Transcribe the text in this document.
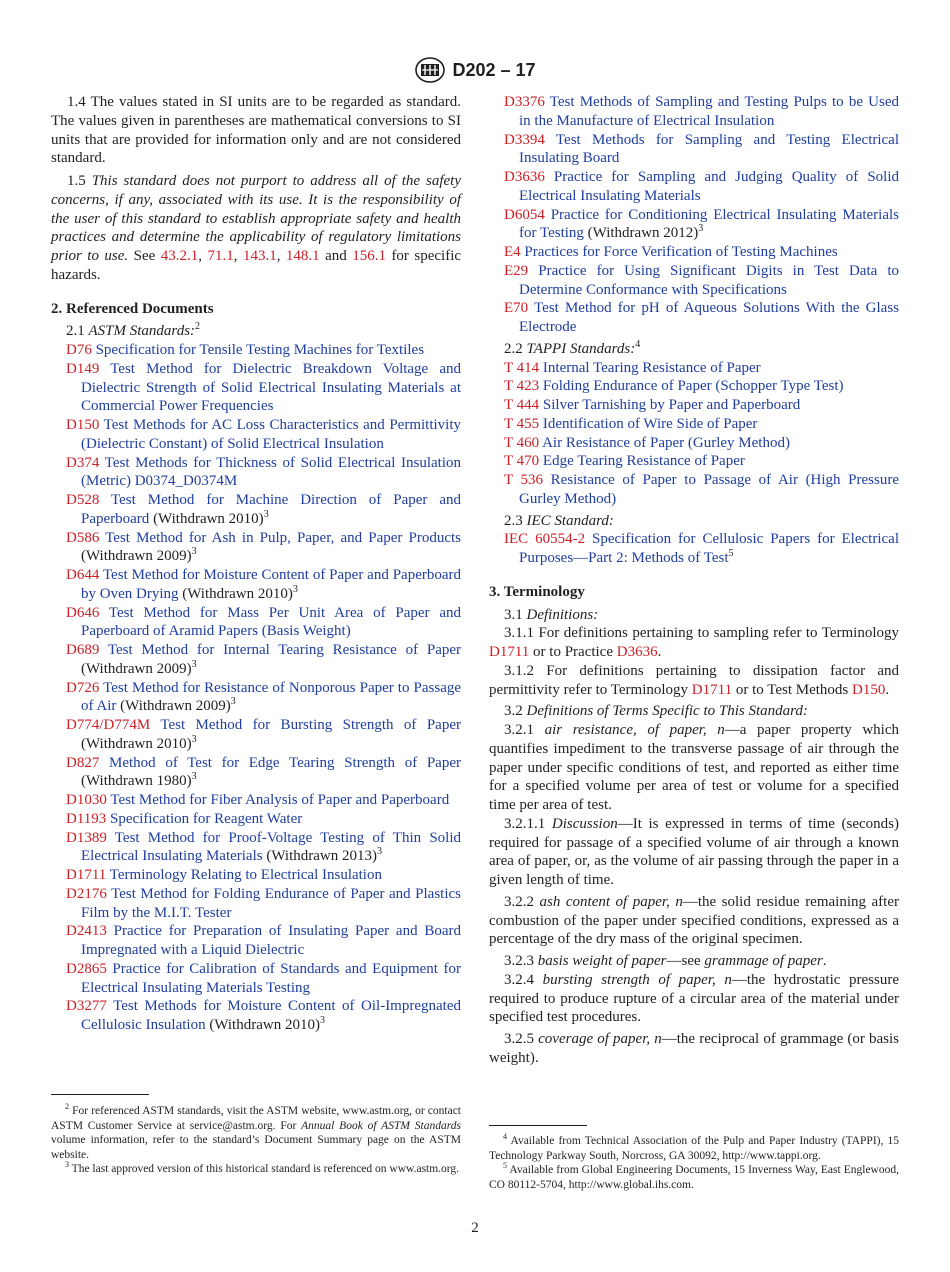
D202 – 17

1.4 The values stated in SI units are to be regarded as standard. The values given in parentheses are mathematical conversions to SI units that are provided for information only and are not considered standard.

1.5 This standard does not purport to address all of the safety concerns, if any, associated with its use. It is the responsibility of the user of this standard to establish appropriate safety and health practices and determine the applicability of regulatory limitations prior to use. See 43.2.1, 71.1, 143.1, 148.1 and 156.1 for specific hazards.

2. Referenced Documents
2.1 ASTM Standards:$^2$

D76 Specification for Tensile Testing Machines for Textiles

D149 Test Method for Dielectric Breakdown Voltage and Dielectric Strength of Solid Electrical Insulating Materials at Commercial Power Frequencies

D150 Test Methods for AC Loss Characteristics and Permittivity (Dielectric Constant) of Solid Electrical Insulation

D374 Test Methods for Thickness of Solid Electrical Insulation (Metric) D0374_D0374M

D528 Test Method for Machine Direction of Paper and Paperboard (Withdrawn 2010)$^3$

D586 Test Method for Ash in Pulp, Paper, and Paper Products (Withdrawn 2009)$^3$

D644 Test Method for Moisture Content of Paper and Paperboard by Oven Drying (Withdrawn 2010)$^3$

D646 Test Method for Mass Per Unit Area of Paper and Paperboard of Aramid Papers (Basis Weight)

D689 Test Method for Internal Tearing Resistance of Paper (Withdrawn 2009)$^3$

D726 Test Method for Resistance of Nonporous Paper to Passage of Air (Withdrawn 2009)$^3$

D774/D774M Test Method for Bursting Strength of Paper (Withdrawn 2010)$^3$

D827 Method of Test for Edge Tearing Strength of Paper (Withdrawn 1980)$^3$

D1030 Test Method for Fiber Analysis of Paper and Paperboard

D1193 Specification for Reagent Water

D1389 Test Method for Proof-Voltage Testing of Thin Solid Electrical Insulating Materials (Withdrawn 2013)$^3$

D1711 Terminology Relating to Electrical Insulation

D2176 Test Method for Folding Endurance of Paper and Plastics Film by the M.I.T. Tester

D2413 Practice for Preparation of Insulating Paper and Board Impregnated with a Liquid Dielectric

D2865 Practice for Calibration of Standards and Equipment for Electrical Insulating Materials Testing

D3277 Test Methods for Moisture Content of Oil-Impregnated Cellulosic Insulation (Withdrawn 2010)$^3$

$^2$ For referenced ASTM standards, visit the ASTM website, www.astm.org, or contact ASTM Customer Service at service@astm.org. For Annual Book of ASTM Standards volume information, refer to the standard’s Document Summary page on the ASTM website.

$^3$ The last approved version of this historical standard is referenced on www.astm.org.

D3376 Test Methods of Sampling and Testing Pulps to be Used in the Manufacture of Electrical Insulation

D3394 Test Methods for Sampling and Testing Electrical Insulating Board

D3636 Practice for Sampling and Judging Quality of Solid Electrical Insulating Materials

D6054 Practice for Conditioning Electrical Insulating Materials for Testing (Withdrawn 2012)$^3$

E4 Practices for Force Verification of Testing Machines

E29 Practice for Using Significant Digits in Test Data to Determine Conformance with Specifications

E70 Test Method for pH of Aqueous Solutions With the Glass Electrode

2.2 TAPPI Standards:$^4$

T 414 Internal Tearing Resistance of Paper

T 423 Folding Endurance of Paper (Schopper Type Test)

T 444 Silver Tarnishing by Paper and Paperboard

T 455 Identification of Wire Side of Paper

T 460 Air Resistance of Paper (Gurley Method)

T 470 Edge Tearing Resistance of Paper

T 536 Resistance of Paper to Passage of Air (High Pressure Gurley Method)

2.3 IEC Standard:

IEC 60554-2 Specification for Cellulosic Papers for Electrical Purposes—Part 2: Methods of Test$^5$

3. Terminology

3.1 Definitions:

3.1.1 For definitions pertaining to sampling refer to Terminology D1711 or to Practice D3636.

3.1.2 For definitions pertaining to dissipation factor and permittivity refer to Terminology D1711 or to Test Methods D150.

3.2 Definitions of Terms Specific to This Standard:

3.2.1 air resistance, of paper, n—a paper property which quantifies impediment to the transverse passage of air through the paper under specific conditions of test, and reported as either time for a specified volume per area of test or volume for a specified time per area of test.

3.2.1.1 Discussion—It is expressed in terms of time (seconds) required for passage of a specified volume of air through a known area of paper, or, as the volume of air passing through the paper in a given length of time.

3.2.2 ash content of paper, n—the solid residue remaining after combustion of the paper under specified conditions, expressed as a percentage of the dry mass of the original specimen.

3.2.3 basis weight of paper—see grammage of paper.

3.2.4 bursting strength of paper, n—the hydrostatic pressure required to produce rupture of a circular area of the material under specified test procedures.

3.2.5 coverage of paper, n—the reciprocal of grammage (or basis weight).

$^4$ Available from Technical Association of the Pulp and Paper Industry (TAPPI), 15 Technology Parkway South, Norcross, GA 30092, http://www.tappi.org.

$^5$ Available from Global Engineering Documents, 15 Inverness Way, East Englewood, CO 80112-5704, http://www.global.ihs.com.

2
